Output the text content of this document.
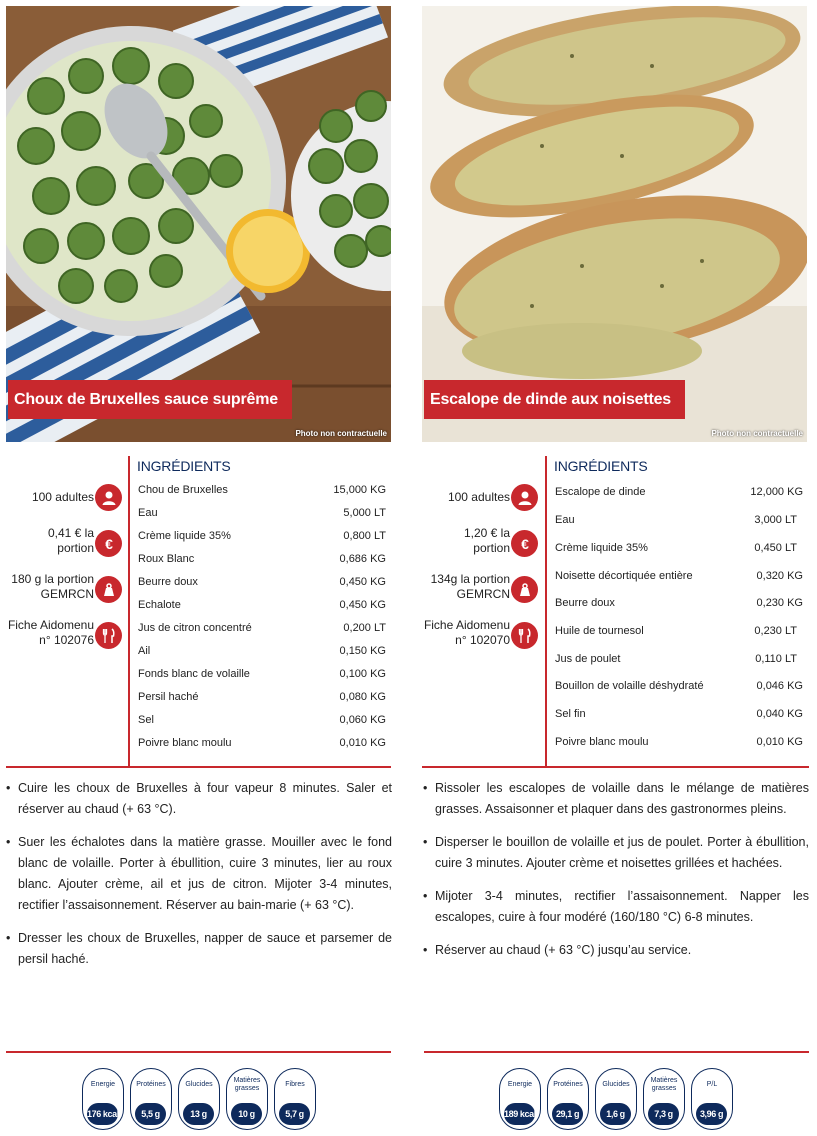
Choux de Bruxelles sauce suprême
Photo non contractuelle
100 adultes
0,41 € la
portion €
180 g la portion
GEMRCN
Fiche Aidomenu
n° 102076
INGRÉDIENTS
Chou de Bruxelles	15,000 KG
Eau	5,000 LT
Crème liquide 35%	0,800 LT
Roux Blanc	0,686 KG
Beurre doux	0,450 KG
Echalote	0,450 KG
Jus de citron concentré	0,200 LT
Ail	0,150 KG
Fonds blanc de volaille	0,100 KG
Persil haché	0,080 KG
Sel	0,060 KG
Poivre blanc moulu	0,010 KG
• Cuire les choux de Bruxelles à four vapeur 8 minutes. Saler et réserver au chaud (+ 63 °C).
• Suer les échalotes dans la matière grasse. Mouiller avec le fond blanc de volaille. Porter à ébullition, cuire 3 minutes, lier au roux blanc. Ajouter crème, ail et jus de citron. Mijoter 3-4 minutes, rectifier l’assaisonnement. Réserver au bain-marie (+ 63 °C).
• Dresser les choux de Bruxelles, napper de sauce et parsemer de persil haché.
Energie
176 kcal
Protéines
5,5 g
Glucides
13 g
Matières grasses
10 g
Fibres
5,7 g
Escalope de dinde aux noisettes
Photo non contractuelle
100 adultes
1,20 € la
portion €
134g la portion
GEMRCN
Fiche Aidomenu
n° 102070
INGRÉDIENTS
Escalope de dinde	12,000 KG
Eau	3,000 LT
Crème liquide 35%	0,450 LT
Noisette décortiquée entière	0,320 KG
Beurre doux	0,230 KG
Huile de tournesol	0,230 LT
Jus de poulet	0,110 LT
Bouillon de volaille déshydraté	0,046 KG
Sel fin	0,040 KG
Poivre blanc moulu	0,010 KG
• Rissoler les escalopes de volaille dans le mélange de matières grasses. Assaisonner et plaquer dans des gastronormes pleins.
• Disperser le bouillon de volaille et jus de poulet. Porter à ébullition, cuire 3 minutes. Ajouter crème et noisettes grillées et hachées.
• Mijoter 3-4 minutes, rectifier l’assaisonnement. Napper les escalopes, cuire à four modéré (160/180 °C) 6-8 minutes.
• Réserver au chaud (+ 63 °C) jusqu’au service.
Energie
189 kcal
Protéines
29,1 g
Glucides
1,6 g
Matières grasses
7,3 g
P/L
3,96 g
